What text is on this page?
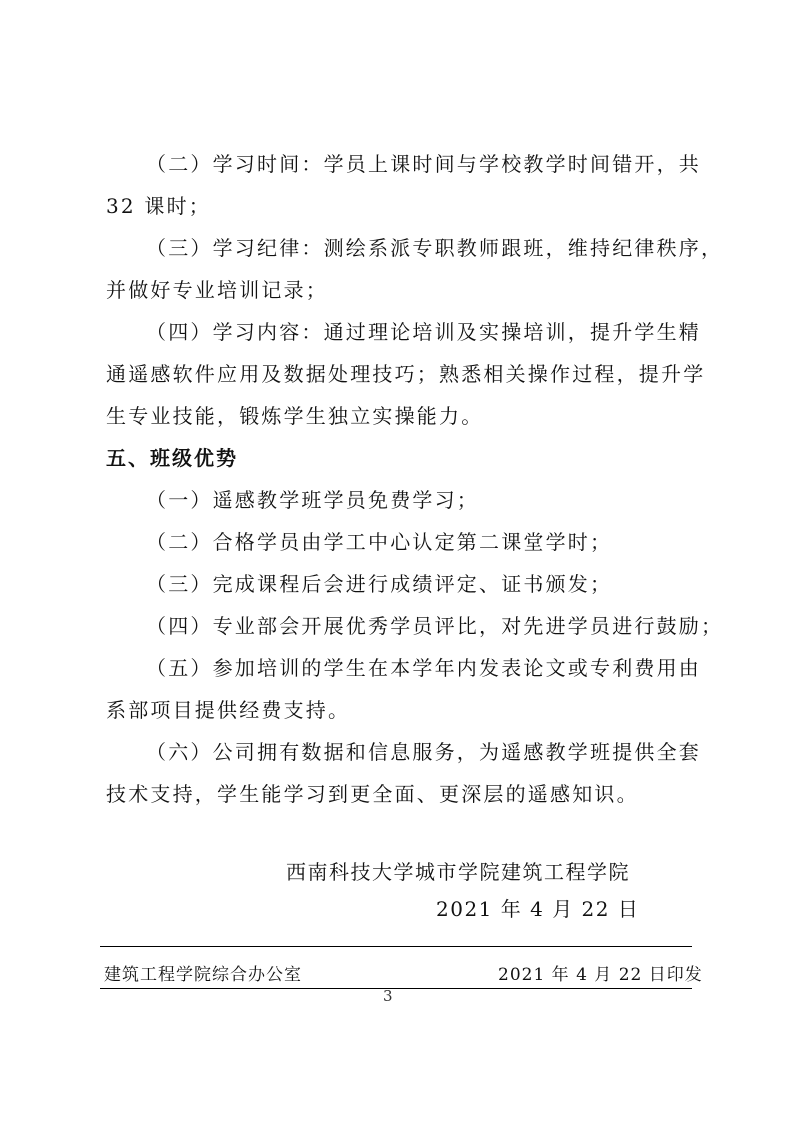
（二）学习时间：学员上课时间与学校教学时间错开，共

32 课时；

（三）学习纪律：测绘系派专职教师跟班，维持纪律秩序，

并做好专业培训记录；

（四）学习内容：通过理论培训及实操培训，提升学生精

通遥感软件应用及数据处理技巧；熟悉相关操作过程，提升学

生专业技能，锻炼学生独立实操能力。

五、班级优势

（一）遥感教学班学员免费学习；

（二）合格学员由学工中心认定第二课堂学时；

（三）完成课程后会进行成绩评定、证书颁发；

（四）专业部会开展优秀学员评比，对先进学员进行鼓励；

（五）参加培训的学生在本学年内发表论文或专利费用由

系部项目提供经费支持。

（六）公司拥有数据和信息服务，为遥感教学班提供全套

技术支持，学生能学习到更全面、更深层的遥感知识。

西南科技大学城市学院建筑工程学院

2021 年 4 月 22 日

建筑工程学院综合办公室	2021 年 4 月 22 日印发

3
